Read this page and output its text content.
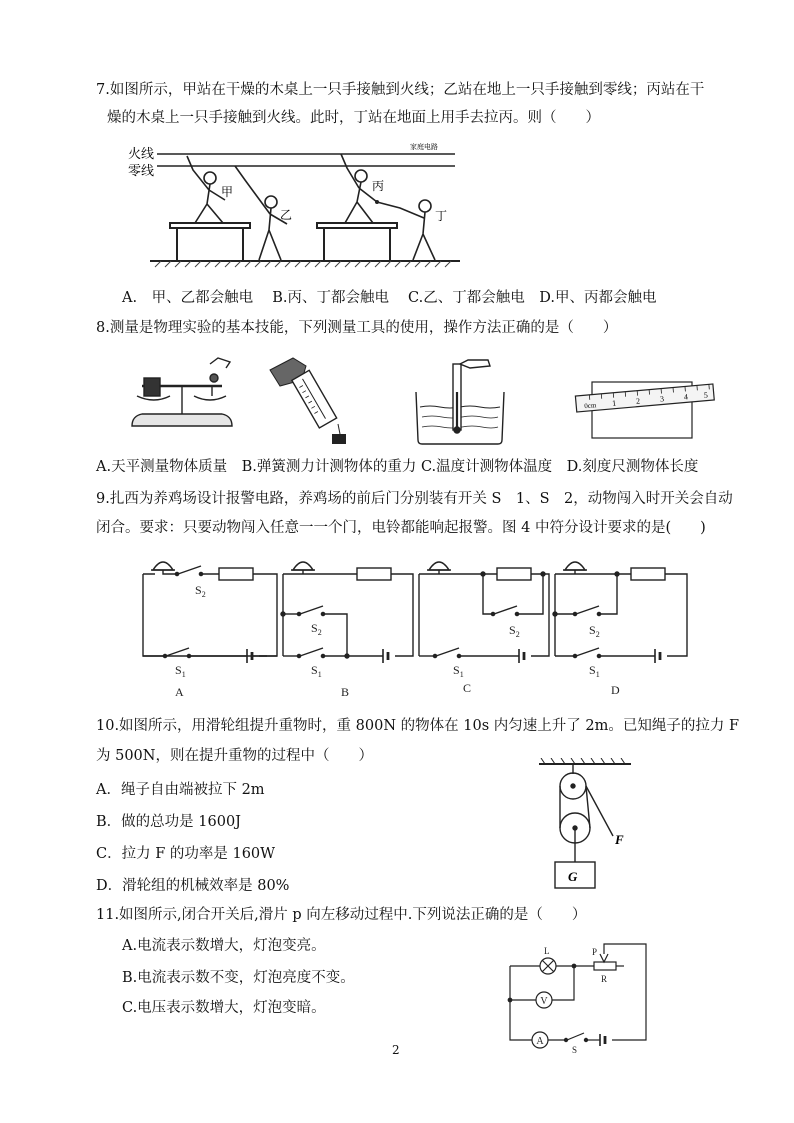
7.如图所示，甲站在干燥的木桌上一只手接触到火线；乙站在地上一只手接触到零线；丙站在干
燥的木桌上一只手接触到火线。此时，丁站在地面上用手去拉丙。则（　　）
火线
零线
家庭电路
甲
乙
丙
丁
A.　甲、乙都会触电　 B.丙、丁都会触电　 C.乙、丁都会触电　D.甲、丙都会触电
8.测量是物理实验的基本技能，下列测量工具的使用，操作方法正确的是（　　）
0cm 1 2 3 4 5
A.天平测量物体质量　B.弹簧测力计测物体的重力 C.温度计测物体温度　D.刻度尺测物体长度
9.扎西为养鸡场设计报警电路，养鸡场的前后门分别装有开关 S　1、S　2，动物闯入时开关会自动
闭合。要求：只要动物闯入任意一一个门，电铃都能响起报警。图 4 中符分设计要求的是(　　)
$S_2$
$S_1$
A
$S_2$
$S_1$
B
$S_2$
$S_1$
C
$S_2$
$S_1$
D
10.如图所示，用滑轮组提升重物时，重 800N 的物体在 10s 内匀速上升了 2m。已知绳子的拉力 F
为 500N，则在提升重物的过程中（　　）
A．绳子自由端被拉下 2m
B．做的总功是 1600J
C．拉力 F 的功率是 160W
D．滑轮组的机械效率是 80%
F
G
11.如图所示,闭合开关后,滑片 p 向左移动过程中.下列说法正确的是（　　）
A.电流表示数增大，灯泡变亮。
B.电流表示数不变，灯泡亮度不变。
C.电压表示数增大，灯泡变暗。
L	P
R
V
A
S
2
